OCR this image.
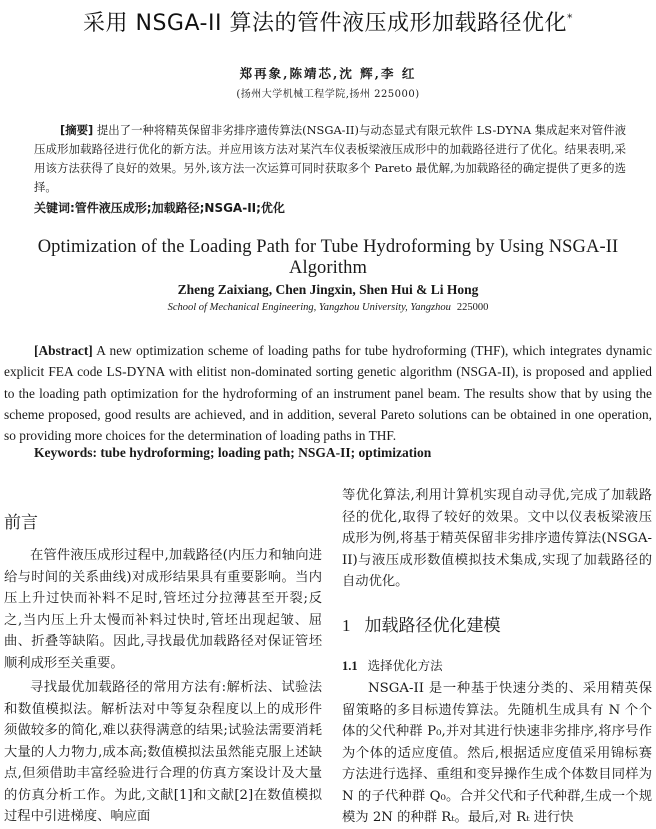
采用 NSGA-II 算法的管件液压成形加载路径优化*
郑再象,陈靖芯,沈 辉,李 红
(扬州大学机械工程学院,扬州 225000)
[摘要] 提出了一种将精英保留非劣排序遗传算法(NSGA-II)与动态显式有限元软件 LS-DYNA 集成起来对管件液压成形加载路径进行优化的新方法。并应用该方法对某汽车仪表板梁液压成形中的加载路径进行了优化。结果表明,采用该方法获得了良好的效果。另外,该方法一次运算可同时获取多个 Pareto 最优解,为加载路径的确定提供了更多的选择。
关键词:管件液压成形;加载路径;NSGA-II;优化
Optimization of the Loading Path for Tube Hydroforming by Using NSGA-II Algorithm
Zheng Zaixiang, Chen Jingxin, Shen Hui & Li Hong
School of Mechanical Engineering, Yangzhou University, Yangzhou 225000
[Abstract] A new optimization scheme of loading paths for tube hydroforming (THF), which integrates dynamic explicit FEA code LS-DYNA with elitist non-dominated sorting genetic algorithm (NSGA-II), is proposed and applied to the loading path optimization for the hydroforming of an instrument panel beam. The results show that by using the scheme proposed, good results are achieved, and in addition, several Pareto solutions can be obtained in one operation, so providing more choices for the determination of loading paths in THF.
Keywords: tube hydroforming; loading path; NSGA-II; optimization
前言

在管件液压成形过程中,加载路径(内压力和轴向进给与时间的关系曲线)对成形结果具有重要影响。当内压上升过快而补料不足时,管坯过分拉薄甚至开裂;反之,当内压上升太慢而补料过快时,管坯出现起皱、屈曲、折叠等缺陷。因此,寻找最优加载路径对保证管坯顺利成形至关重要。

寻找最优加载路径的常用方法有:解析法、试验法和数值模拟法。解析法对中等复杂程度以上的成形件须做较多的简化,难以获得满意的结果;试验法需要消耗大量的人力物力,成本高;数值模拟法虽然能克服上述缺点,但须借助丰富经验进行合理的仿真方案设计及大量的仿真分析工作。为此,文献[1]和文献[2]在数值模拟过程中引进梯度、响应面

等优化算法,利用计算机实现自动寻优,完成了加载路径的优化,取得了较好的效果。文中以仪表板梁液压成形为例,将基于精英保留非劣排序遗传算法(NSGA-II)与液压成形数值模拟技术集成,实现了加载路径的自动优化。

1 加载路径优化建模
1.1 选择优化方法

NSGA-II 是一种基于快速分类的、采用精英保留策略的多目标遗传算法。先随机生成具有 N 个个体的父代种群 P₀,并对其进行快速非劣排序,将序号作为个体的适应度值。然后,根据适应度值采用锦标赛方法进行选择、重组和变异操作生成个体数目同样为 N 的子代种群 Q₀。合并父代和子代种群,生成一个规模为 2N 的种群 Rₜ。最后,对 Rₜ 进行快
